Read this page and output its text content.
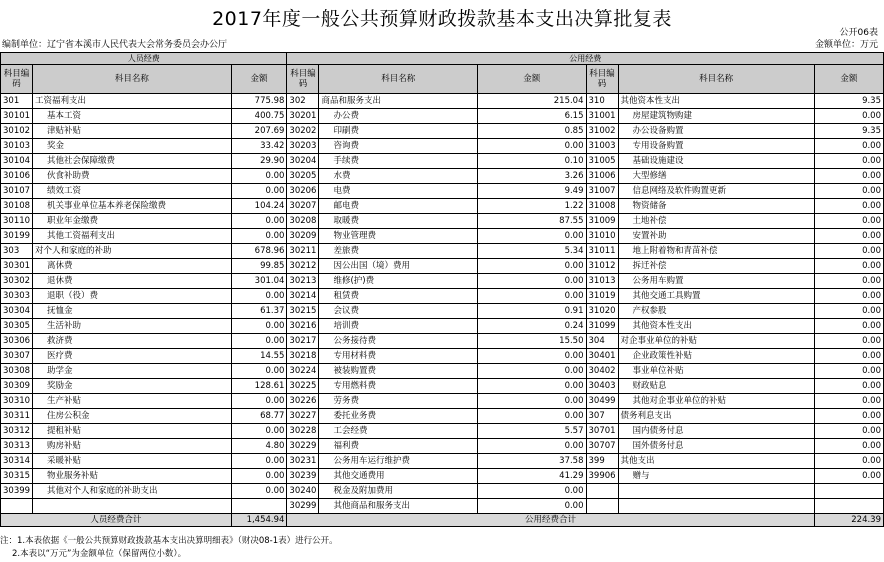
2017年度一般公共预算财政拨款基本支出决算批复表
公开06表
编制单位：辽宁省本溪市人民代表大会常务委员会办公厅	金额单位：万元
人员经费			公用经费					
科目编码	科目名称	金额	科目编码	科目名称	金额	科目编码	科目名称	金额
301	工资福利支出	775.98	302	商品和服务支出	215.04	310	其他资本性支出	9.35
30101	基本工资	400.75	30201	办公费	6.15	31001	房屋建筑物购建	0.00
30102	津贴补贴	207.69	30202	印刷费	0.85	31002	办公设备购置	9.35
30103	奖金	33.42	30203	咨询费	0.00	31003	专用设备购置	0.00
30104	其他社会保障缴费	29.90	30204	手续费	0.10	31005	基础设施建设	0.00
30106	伙食补助费	0.00	30205	水费	3.26	31006	大型修缮	0.00
30107	绩效工资	0.00	30206	电费	9.49	31007	信息网络及软件购置更新	0.00
30108	机关事业单位基本养老保险缴费	104.24	30207	邮电费	1.22	31008	物资储备	0.00
30110	职业年金缴费	0.00	30208	取暖费	87.55	31009	土地补偿	0.00
30199	其他工资福利支出	0.00	30209	物业管理费	0.00	31010	安置补助	0.00
303	对个人和家庭的补助	678.96	30211	差旅费	5.34	31011	地上附着物和青苗补偿	0.00
30301	离休费	99.85	30212	因公出国（境）费用	0.00	31012	拆迁补偿	0.00
30302	退休费	301.04	30213	维修(护)费	0.00	31013	公务用车购置	0.00
30303	退职（役）费	0.00	30214	租赁费	0.00	31019	其他交通工具购置	0.00
30304	抚恤金	61.37	30215	会议费	0.91	31020	产权参股	0.00
30305	生活补助	0.00	30216	培训费	0.24	31099	其他资本性支出	0.00
30306	救济费	0.00	30217	公务接待费	15.50	304	对企事业单位的补贴	0.00
30307	医疗费	14.55	30218	专用材料费	0.00	30401	企业政策性补贴	0.00
30308	助学金	0.00	30224	被装购置费	0.00	30402	事业单位补贴	0.00
30309	奖励金	128.61	30225	专用燃料费	0.00	30403	财政贴息	0.00
30310	生产补贴	0.00	30226	劳务费	0.00	30499	其他对企事业单位的补贴	0.00
30311	住房公积金	68.77	30227	委托业务费	0.00	307	债务利息支出	0.00
30312	提租补贴	0.00	30228	工会经费	5.57	30701	国内债务付息	0.00
30313	购房补贴	4.80	30229	福利费	0.00	30707	国外债务付息	0.00
30314	采暖补贴	0.00	30231	公务用车运行维护费	37.58	399	其他支出	0.00
30315	物业服务补贴	0.00	30239	其他交通费用	41.29	39906	赠与	0.00
30399	其他对个人和家庭的补助支出	0.00	30240	税金及附加费用	0.00			
			30299	其他商品和服务支出	0.00			
人员经费合计		1,454.94	公用经费合计					224.39
注：1.本表依据《一般公共预算财政拨款基本支出决算明细表》（财决08-1表）进行公开。
2.本表以“万元”为金额单位（保留两位小数）。
